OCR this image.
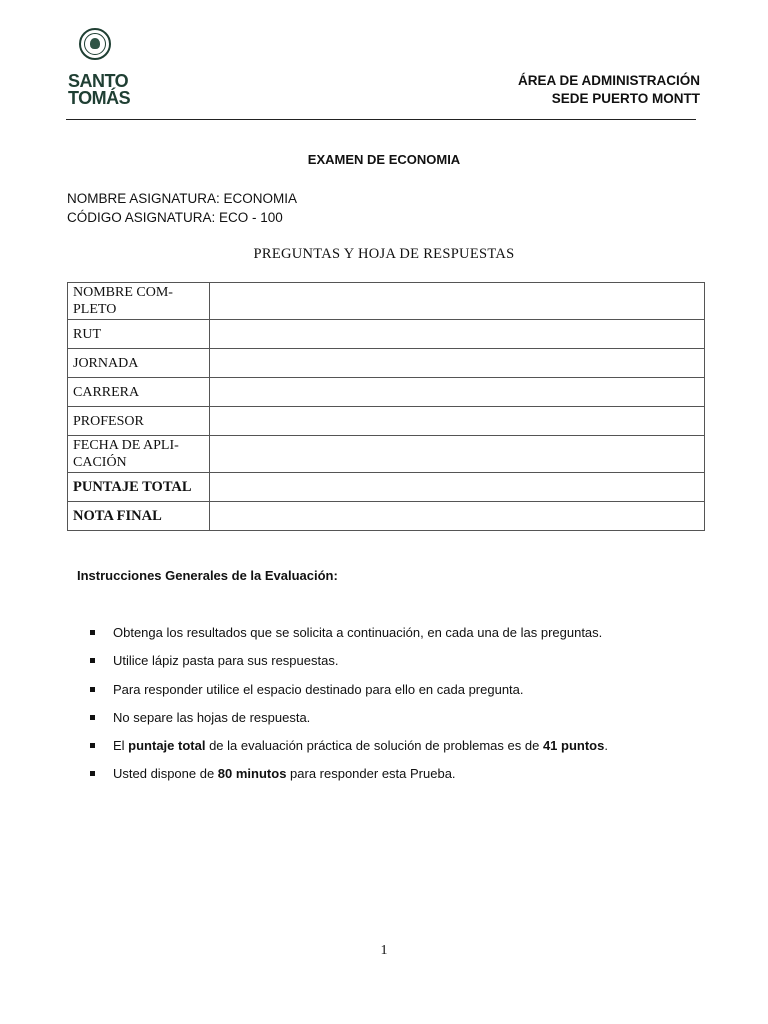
SANTO
TOMÁS
ÁREA DE ADMINISTRACIÓN
SEDE PUERTO MONTT
EXAMEN DE ECONOMIA
NOMBRE ASIGNATURA: ECONOMIA
CÓDIGO ASIGNATURA: ECO - 100
PREGUNTAS Y HOJA DE RESPUESTAS
NOMBRE COM-
PLETO	
RUT	
JORNADA	
CARRERA	
PROFESOR	
FECHA DE APLI-
CACIÓN	
PUNTAJE TOTAL	
NOTA FINAL	
Instrucciones Generales de la Evaluación:
Obtenga los resultados que se solicita a continuación, en cada una de las preguntas.
Utilice lápiz pasta para sus respuestas.
Para responder utilice el espacio destinado para ello en cada pregunta.
No separe las hojas de respuesta.
El puntaje total de la evaluación práctica de solución de problemas es de 41 puntos.
Usted dispone de 80 minutos para responder esta Prueba.
1
